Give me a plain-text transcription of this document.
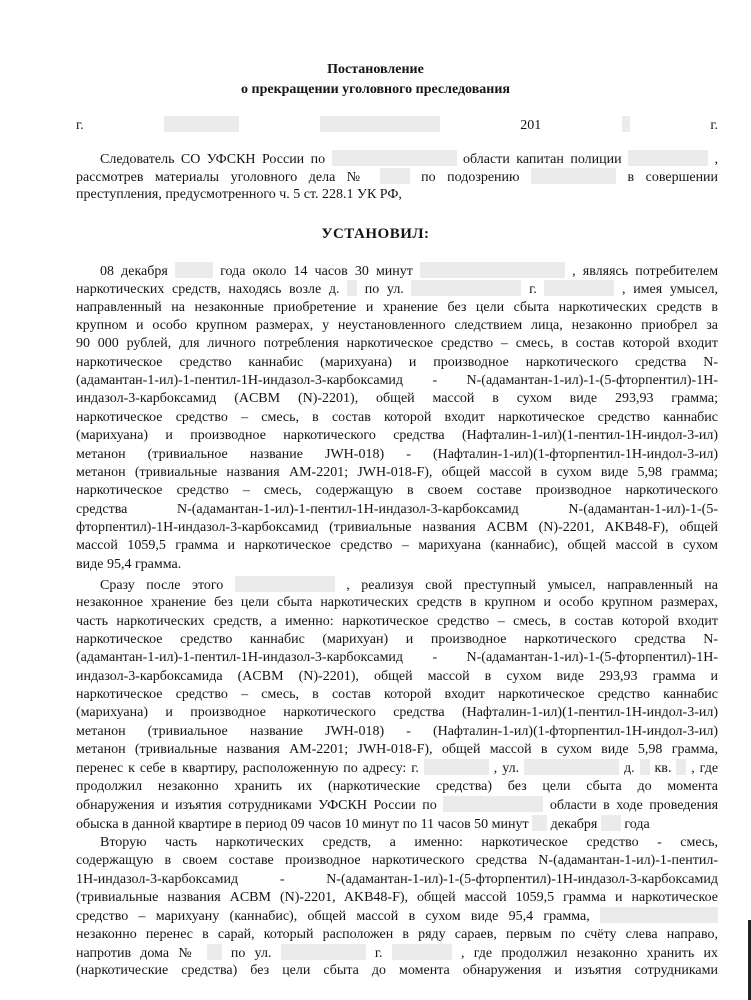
Постановление
о прекращении уголовного преследования
г.	201	г.
Следователь СО УФСКН России по	области капитан полиции	,
рассмотрев материалы уголовного дела №	по подозрению	в совершении
преступления, предусмотренного ч. 5 ст. 228.1 УК РФ,
УСТАНОВИЛ:
08 декабря	года около 14 часов 30 минут	, являясь потребителем
наркотических средств, находясь возле д. по ул.	г.	, имея умысел,
направленный на незаконные приобретение и хранение без цели сбыта наркотических средств в
крупном и особо крупном размерах, у неустановленного следствием лица, незаконно приобрел за
90 000 рублей, для личного потребления наркотическое средство – смесь, в состав которой входит
наркотическое средство каннабис (марихуана) и производное наркотического средства N-
(адамантан-1-ил)-1-пентил-1Н-индазол-3-карбоксамид - N-(адамантан-1-ил)-1-(5-фторпентил)-1Н-
индазол-3-карбоксамид (ACBM (N)-2201), общей массой в сухом виде 293,93 грамма;
наркотическое средство – смесь, в состав которой входит наркотическое средство каннабис
(марихуана) и производное наркотического средства (Нафталин-1-ил)(1-пентил-1Н-индол-3-ил)
метанон (тривиальное название JWH-018) - (Нафталин-1-ил)(1-фторпентил-1Н-индол-3-ил)
метанон (тривиальные названия AM-2201; JWH-018-F), общей массой в сухом виде 5,98 грамма;
наркотическое средство – смесь, содержащую в своем составе производное наркотического
средства N-(адамантан-1-ил)-1-пентил-1Н-индазол-3-карбоксамид N-(адамантан-1-ил)-1-(5-
фторпентил)-1Н-индазол-3-карбоксамид (тривиальные названия ACBM (N)-2201, AKB48-F), общей
массой 1059,5 грамма и наркотическое средство – марихуана (каннабис), общей массой в сухом
виде 95,4 грамма.
Сразу после этого	, реализуя свой преступный умысел, направленный на
незаконное хранение без цели сбыта наркотических средств в крупном и особо крупном размерах,
часть наркотических средств, а именно: наркотическое средство – смесь, в состав которой входит
наркотическое средство каннабис (марихуан) и производное наркотического средства N-
(адамантан-1-ил)-1-пентил-1Н-индазол-3-карбоксамид - N-(адамантан-1-ил)-1-(5-фторпентил)-1Н-
индазол-3-карбоксамида (ACBM (N)-2201), общей массой в сухом виде 293,93 грамма и
наркотическое средство – смесь, в состав которой входит наркотическое средство каннабис
(марихуана) и производное наркотического средства (Нафталин-1-ил)(1-пентил-1Н-индол-3-ил)
метанон (тривиальное название JWH-018) - (Нафталин-1-ил)(1-фторпентил-1Н-индол-3-ил)
метанон (тривиальные названия AM-2201; JWH-018-F), общей массой в сухом виде 5,98 грамма,
перенес к себе в квартиру, расположенную по адресу: г.	, ул.	д. кв. , где
продолжил незаконно хранить их (наркотические средства) без цели сбыта до момента
обнаружения и изъятия сотрудниками УФСКН России по	области в ходе проведения
обыска в данной квартире в период 09 часов 10 минут по 11 часов 50 минут декабря года
Вторую часть наркотических средств, а именно: наркотическое средство - смесь,
содержащую в своем составе производное наркотического средства N-(адамантан-1-ил)-1-пентил-
1Н-индазол-3-карбоксамид - N-(адамантан-1-ил)-1-(5-фторпентил)-1Н-индазол-3-карбоксамид
(тривиальные названия ACBM (N)-2201, AKB48-F), общей массой 1059,5 грамма и наркотическое
средство – марихуану (каннабис), общей массой в сухом виде 95,4 грамма,
незаконно перенес в сарай, который расположен в ряду сараев, первым по счёту слева направо,
напротив дома № по ул.	г.	, где продолжил незаконно хранить их
(наркотические средства) без цели сбыта до момента обнаружения и изъятия сотрудниками
